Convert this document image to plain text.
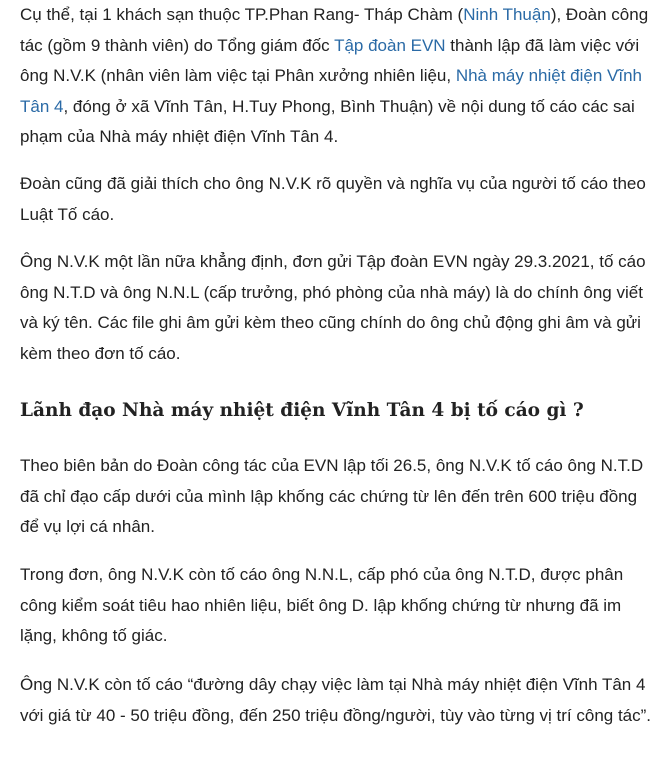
Cụ thể, tại 1 khách sạn thuộc TP.Phan Rang- Tháp Chàm (Ninh Thuận), Đoàn công tác (gồm 9 thành viên) do Tổng giám đốc Tập đoàn EVN thành lập đã làm việc với ông N.V.K (nhân viên làm việc tại Phân xưởng nhiên liệu, Nhà máy nhiệt điện Vĩnh Tân 4, đóng ở xã Vĩnh Tân, H.Tuy Phong, Bình Thuận) về nội dung tố cáo các sai phạm của Nhà máy nhiệt điện Vĩnh Tân 4.

Đoàn cũng đã giải thích cho ông N.V.K rõ quyền và nghĩa vụ của người tố cáo theo Luật Tố cáo.

Ông N.V.K một lần nữa khẳng định, đơn gửi Tập đoàn EVN ngày 29.3.2021, tố cáo ông N.T.D và ông N.N.L (cấp trưởng, phó phòng của nhà máy) là do chính ông viết và ký tên. Các file ghi âm gửi kèm theo cũng chính do ông chủ động ghi âm và gửi kèm theo đơn tố cáo.

Lãnh đạo Nhà máy nhiệt điện Vĩnh Tân 4 bị tố cáo gì ?

Theo biên bản do Đoàn công tác của EVN lập tối 26.5, ông N.V.K tố cáo ông N.T.D đã chỉ đạo cấp dưới của mình lập khống các chứng từ lên đến trên 600 triệu đồng để vụ lợi cá nhân.

Trong đơn, ông N.V.K còn tố cáo ông N.N.L, cấp phó của ông N.T.D, được phân công kiểm soát tiêu hao nhiên liệu, biết ông D. lập khống chứng từ nhưng đã im lặng, không tố giác.

Ông N.V.K còn tố cáo “đường dây chạy việc làm tại Nhà máy nhiệt điện Vĩnh Tân 4 với giá từ 40 - 50 triệu đồng, đến 250 triệu đồng/người, tùy vào từng vị trí công tác”.
